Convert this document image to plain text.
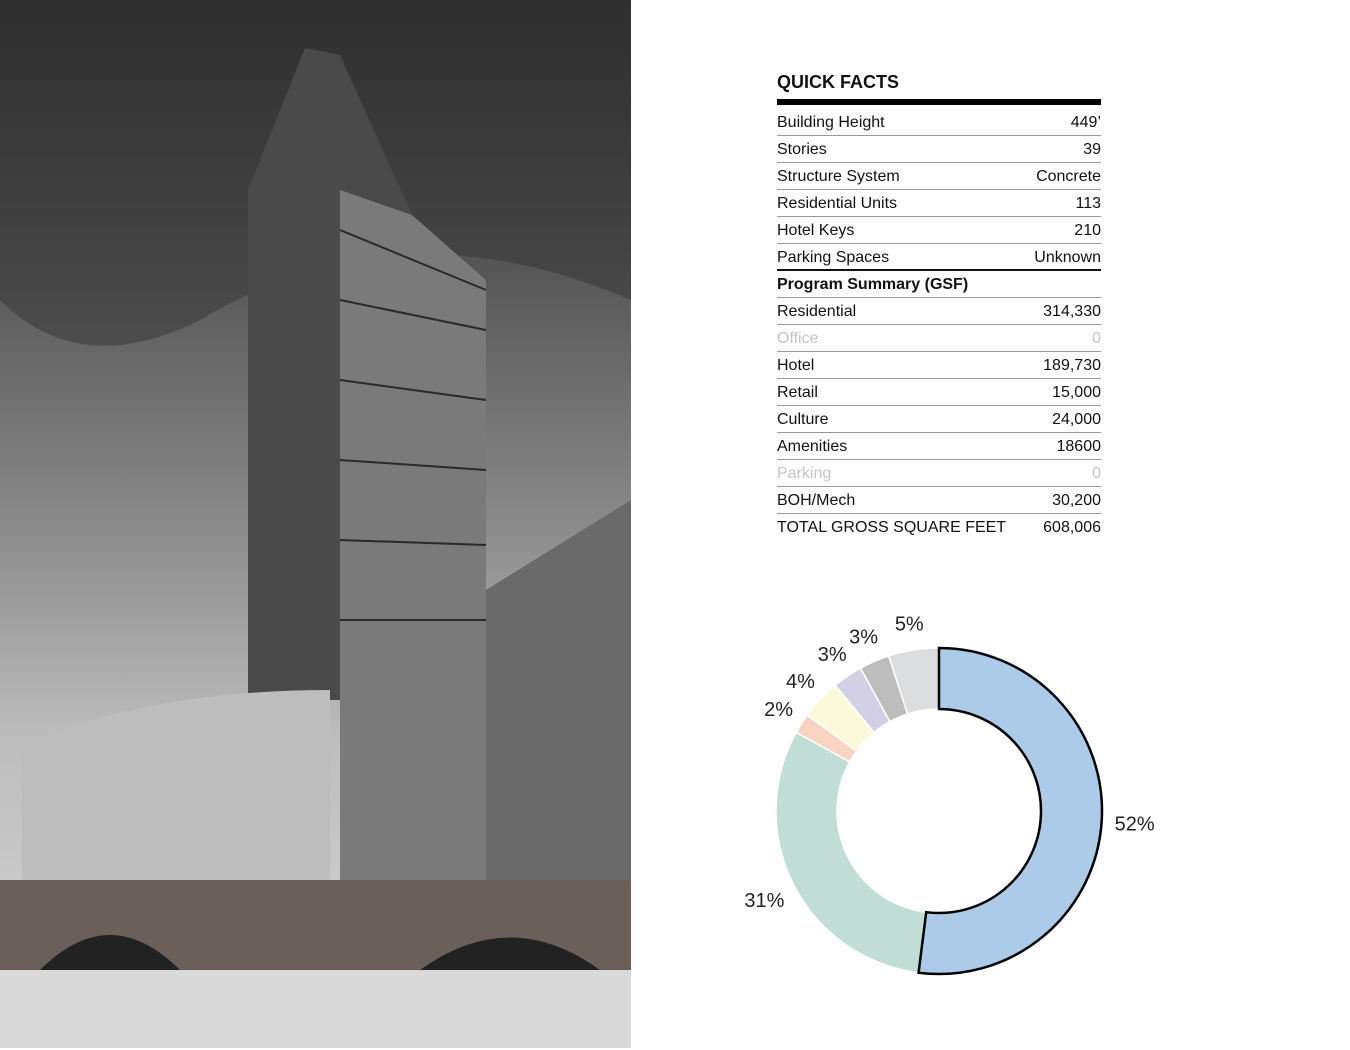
QUICK FACTS
Building Height	449’
Stories	39
Structure System	Concrete
Residential Units	113
Hotel Keys	210
Parking Spaces	Unknown
Program Summary (GSF)
Residential	314,330
Office	0
Hotel	189,730
Retail	15,000
Culture	24,000
Amenities	18600
Parking	0
BOH/Mech	30,200
TOTAL GROSS SQUARE FEET 608,006
52%
31%
2%
4%
3%
3%
5%
